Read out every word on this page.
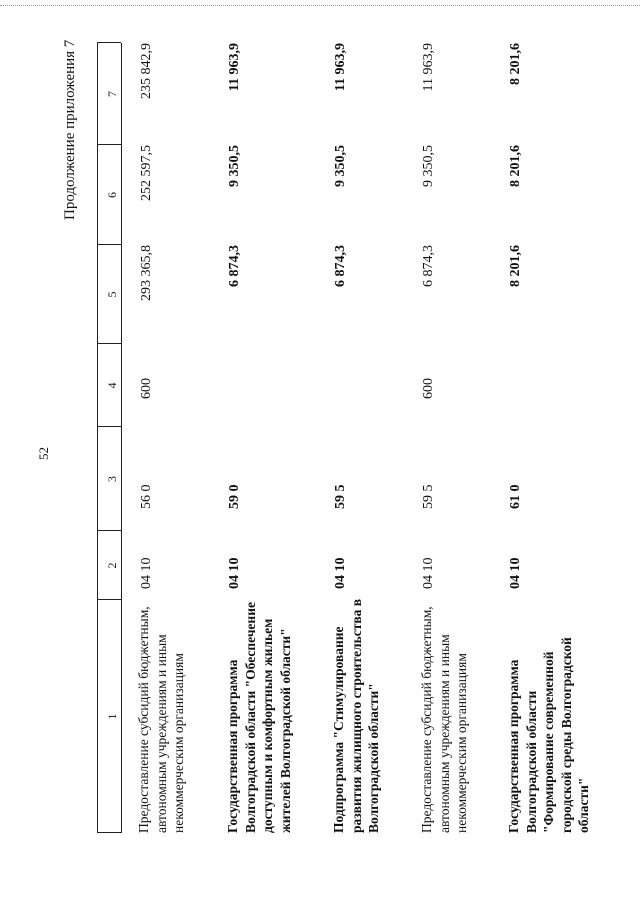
52
Продолжение приложения 7
1
2
3
4
5
6
7
Предоставление субсидий бюджетным, автономным учреждениям и иным некоммерческим организациям
04 10
56 0
600
293 365,8
252 597,5
235 842,9
Государственная программа Волгоградской области "Обеспечение доступным и комфортным жильем жителей Волгоградской области"
04 10
59 0
6 874,3
9 350,5
11 963,9
Подпрограмма "Стимулирование развития жилищного строительства в Волгоградской области"
04 10
59 5
6 874,3
9 350,5
11 963,9
Предоставление субсидий бюджетным, автономным учреждениям и иным некоммерческим организациям
04 10
59 5
600
6 874,3
9 350,5
11 963,9
Государственная программа Волгоградской области "Формирование современной городской среды Волгоградской области"
04 10
61 0
8 201,6
8 201,6
8 201,6
